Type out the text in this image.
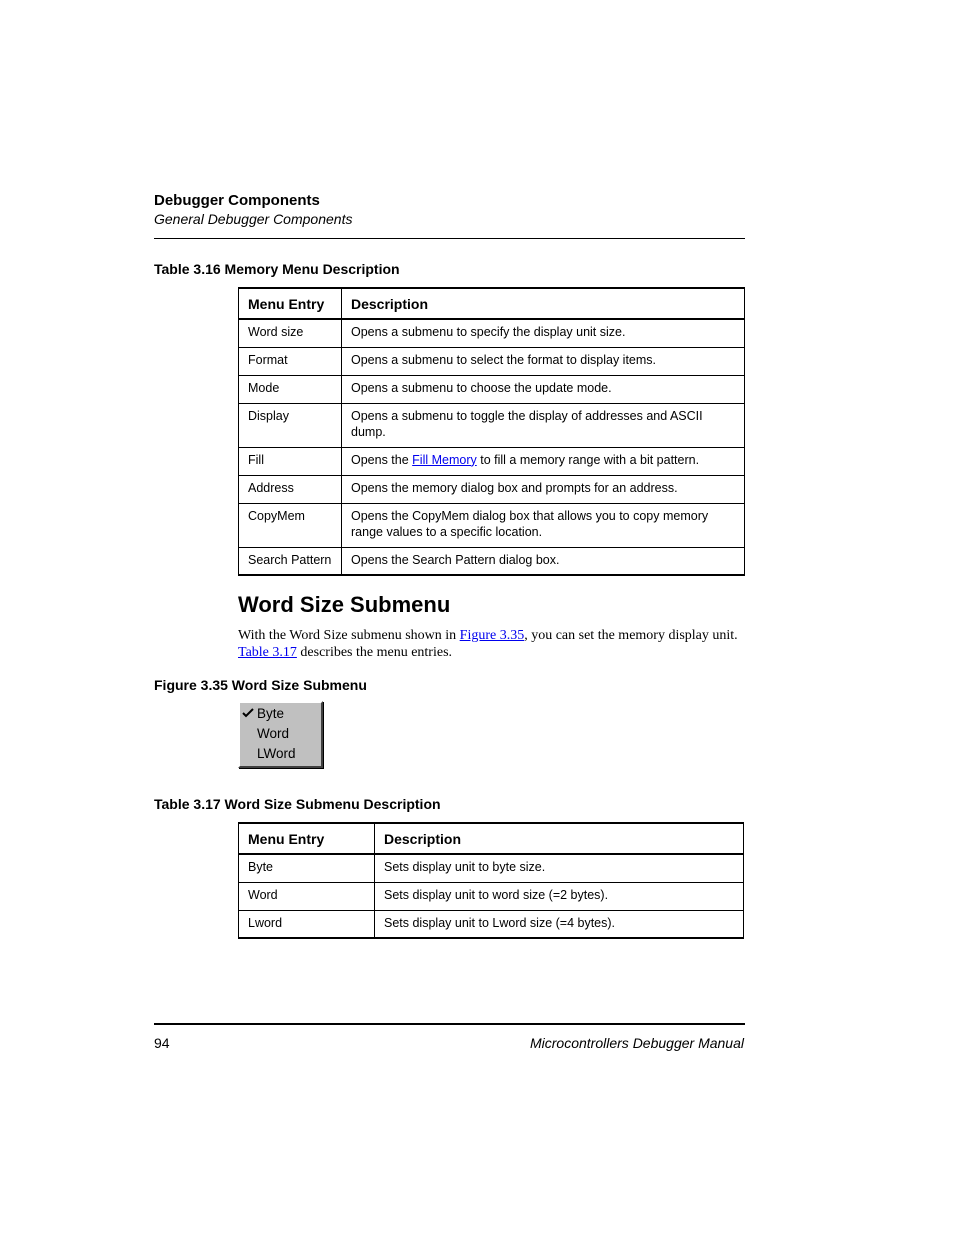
Debugger Components
General Debugger Components
Table 3.16 Memory Menu Description
Menu Entry	Description
Word size	Opens a submenu to specify the display unit size.
Format	Opens a submenu to select the format to display items.
Mode	Opens a submenu to choose the update mode.
Display	Opens a submenu to toggle the display of addresses and ASCII dump.
Fill	Opens the Fill Memory to fill a memory range with a bit pattern.
Address	Opens the memory dialog box and prompts for an address.
CopyMem	Opens the CopyMem dialog box that allows you to copy memory range values to a specific location.
Search Pattern	Opens the Search Pattern dialog box.
Word Size Submenu
With the Word Size submenu shown in Figure 3.35, you can set the memory display unit. Table 3.17 describes the menu entries.
Figure 3.35 Word Size Submenu
Byte
Word
LWord
Table 3.17 Word Size Submenu Description
Menu Entry	Description
Byte	Sets display unit to byte size.
Word	Sets display unit to word size (=2 bytes).
Lword	Sets display unit to Lword size (=4 bytes).
94	Microcontrollers Debugger Manual
